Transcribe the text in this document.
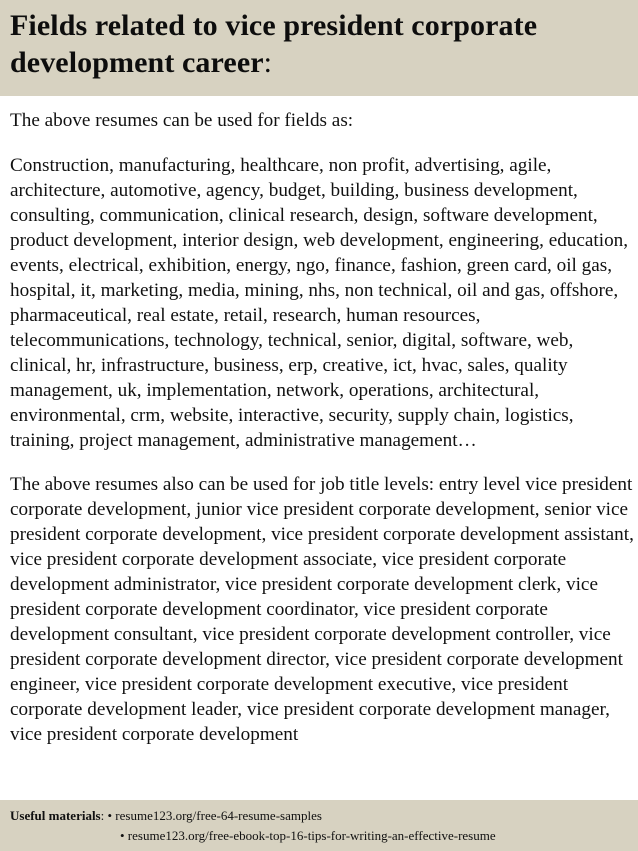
Fields related to vice president corporate development career:

The above resumes can be used for fields as:

Construction, manufacturing, healthcare, non profit, advertising, agile, architecture, automotive, agency, budget, building, business development, consulting, communication, clinical research, design, software development, product development, interior design, web development, engineering, education, events, electrical, exhibition, energy, ngo, finance, fashion, green card, oil gas, hospital, it, marketing, media, mining, nhs, non technical, oil and gas, offshore, pharmaceutical, real estate, retail, research, human resources, telecommunications, technology, technical, senior, digital, software, web, clinical, hr, infrastructure, business, erp, creative, ict, hvac, sales, quality management, uk, implementation, network, operations, architectural, environmental, crm, website, interactive, security, supply chain, logistics, training, project management, administrative management…

The above resumes also can be used for job title levels: entry level vice president corporate development, junior vice president corporate development, senior vice president corporate development, vice president corporate development assistant, vice president corporate development associate, vice president corporate development administrator, vice president corporate development clerk, vice president corporate development coordinator, vice president corporate development consultant, vice president corporate development controller, vice president corporate development director, vice president corporate development engineer, vice president corporate development executive, vice president corporate development leader, vice president corporate development manager, vice president corporate development

Useful materials: • resume123.org/free-64-resume-samples
• resume123.org/free-ebook-top-16-tips-for-writing-an-effective-resume
